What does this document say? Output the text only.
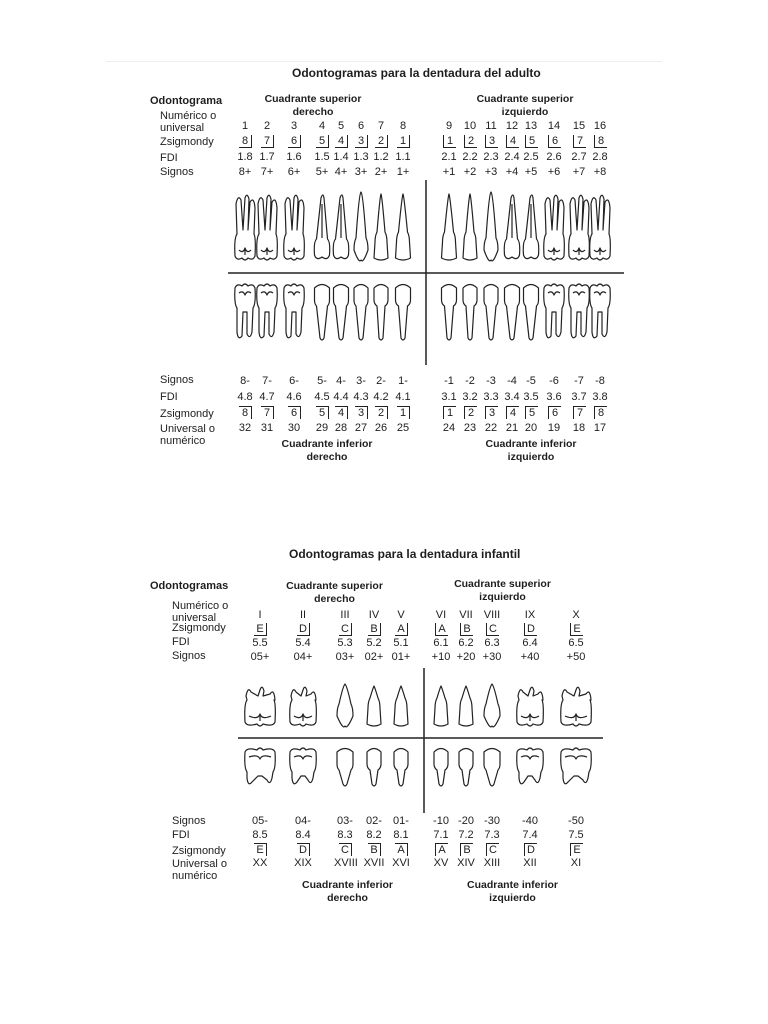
Odontogramas para la dentadura del adulto
Odontograma	Cuadrante superior derecho
Cuadrante superior izquierdo
Numérico o universal
Zsigmondy
FDI
Signos
1
8
1.8
8+
2
7
1.7
7+
3
6
1.6
6+
4
5
1.5
5+
5
4
1.4
4+
6
3
1.3
3+
7
2
1.2
2+
8
1
1.1
1+
9
1
2.1
+1
10
2
2.2
+2
11
3
2.3
+3
12
4
2.4
+4
13
5
2.5
+5
14
6
2.6
+6
15
7
2.7
+7
16
8
2.8
+8
Signos
FDI
Zsigmondy
Universal o numérico
8-
4.8
8
32
7-
4.7
7
31
6-
4.6
6
30
5-
4.5
5
29
4-
4.4
4
28
3-
4.3
3
27
2-
4.2
2
26
1-
4.1
1
25
-1
3.1
1
24
-2
3.2
2
23
-3
3.3
3
22
-4
3.4
4
21
-5
3.5
5
20
-6
3.6
6
19
-7
3.7
7
18
-8
3.8
8
17
Cuadrante inferior derecho
Cuadrante inferior izquierdo
Odontogramas para la dentadura infantil
Odontogramas	Cuadrante superior derecho
Cuadrante superior izquierdo
Numérico o universal
Zsigmondy
FDI
Signos
I
E
5.5
05+
II
D
5.4
04+
III
C
5.3
03+
IV
B
5.2
02+
V
A
5.1
01+
VI
A
6.1
+10
VII
B
6.2
+20
VIII
C
6.3
+30
IX
D
6.4
+40
X
E
6.5
+50
Signos
FDI
Zsigmondy
Universal o numérico
05-
8.5
E
XX
04-
8.4
D
XIX
03-
8.3
C
XVIII
02-
8.2
B
XVII
01-
8.1
A
XVI
-10
7.1
A
XV
-20
7.2
B
XIV
-30
7.3
C
XIII
-40
7.4
D
XII
-50
7.5
E
XI
Cuadrante inferior derecho
Cuadrante inferior izquierdo
